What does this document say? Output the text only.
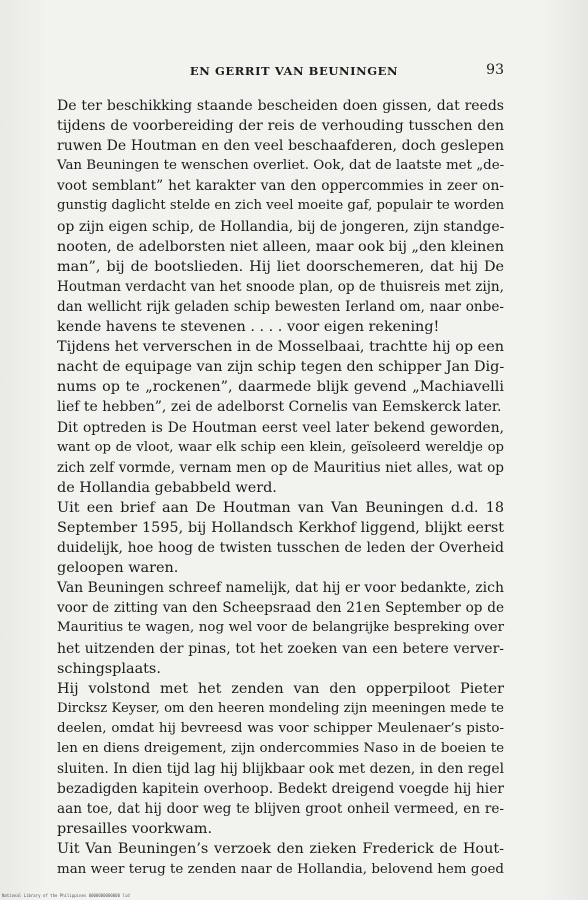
EN GERRIT VAN BEUNINGEN	93
De ter beschikking staande bescheiden doen gissen, dat reeds
tijdens de voorbereiding der reis de verhouding tusschen den
ruwen De Houtman en den veel beschaafderen, doch geslepen
Van Beuningen te wenschen overliet. Ook, dat de laatste met „de-
voot semblant” het karakter van den oppercommies in zeer on-
gunstig daglicht stelde en zich veel moeite gaf, populair te worden
op zijn eigen schip, de Hollandia, bij de jongeren, zijn standge-
nooten, de adelborsten niet alleen, maar ook bij „den kleinen
man”, bij de bootslieden. Hij liet doorschemeren, dat hij De
Houtman verdacht van het snoode plan, op de thuisreis met zijn,
dan wellicht rijk geladen schip bewesten Ierland om, naar onbe-
kende havens te stevenen . . . . voor eigen rekening!
Tijdens het ververschen in de Mosselbaai, trachtte hij op een
nacht de equipage van zijn schip tegen den schipper Jan Dig-
nums op te „rockenen”, daarmede blijk gevend „Machiavelli
lief te hebben”, zei de adelborst Cornelis van Eemskerck later.
Dit optreden is De Houtman eerst veel later bekend geworden,
want op de vloot, waar elk schip een klein, geïsoleerd wereldje op
zich zelf vormde, vernam men op de Mauritius niet alles, wat op
de Hollandia gebabbeld werd.
Uit een brief aan De Houtman van Van Beuningen d.d. 18
September 1595, bij Hollandsch Kerkhof liggend, blijkt eerst
duidelijk, hoe hoog de twisten tusschen de leden der Overheid
geloopen waren.
Van Beuningen schreef namelijk, dat hij er voor bedankte, zich
voor de zitting van den Scheepsraad den 21en September op de
Mauritius te wagen, nog wel voor de belangrijke bespreking over
het uitzenden der pinas, tot het zoeken van een betere verver-
schingsplaats.
Hij volstond met het zenden van den opperpiloot Pieter
Dircksz Keyser, om den heeren mondeling zijn meeningen mede te
deelen, omdat hij bevreesd was voor schipper Meulenaer’s pisto-
len en diens dreigement, zijn ondercommies Naso in de boeien te
sluiten. In dien tijd lag hij blijkbaar ook met dezen, in den regel
bezadigden kapitein overhoop. Bedekt dreigend voegde hij hier
aan toe, dat hij door weg te blijven groot onheil vermeed, en re-
presailles voorkwam.
Uit Van Beuningen’s verzoek den zieken Frederick de Hout-
man weer terug te zenden naar de Hollandia, belovend hem goed
National Library of the Philippines 0000000000000 lid
